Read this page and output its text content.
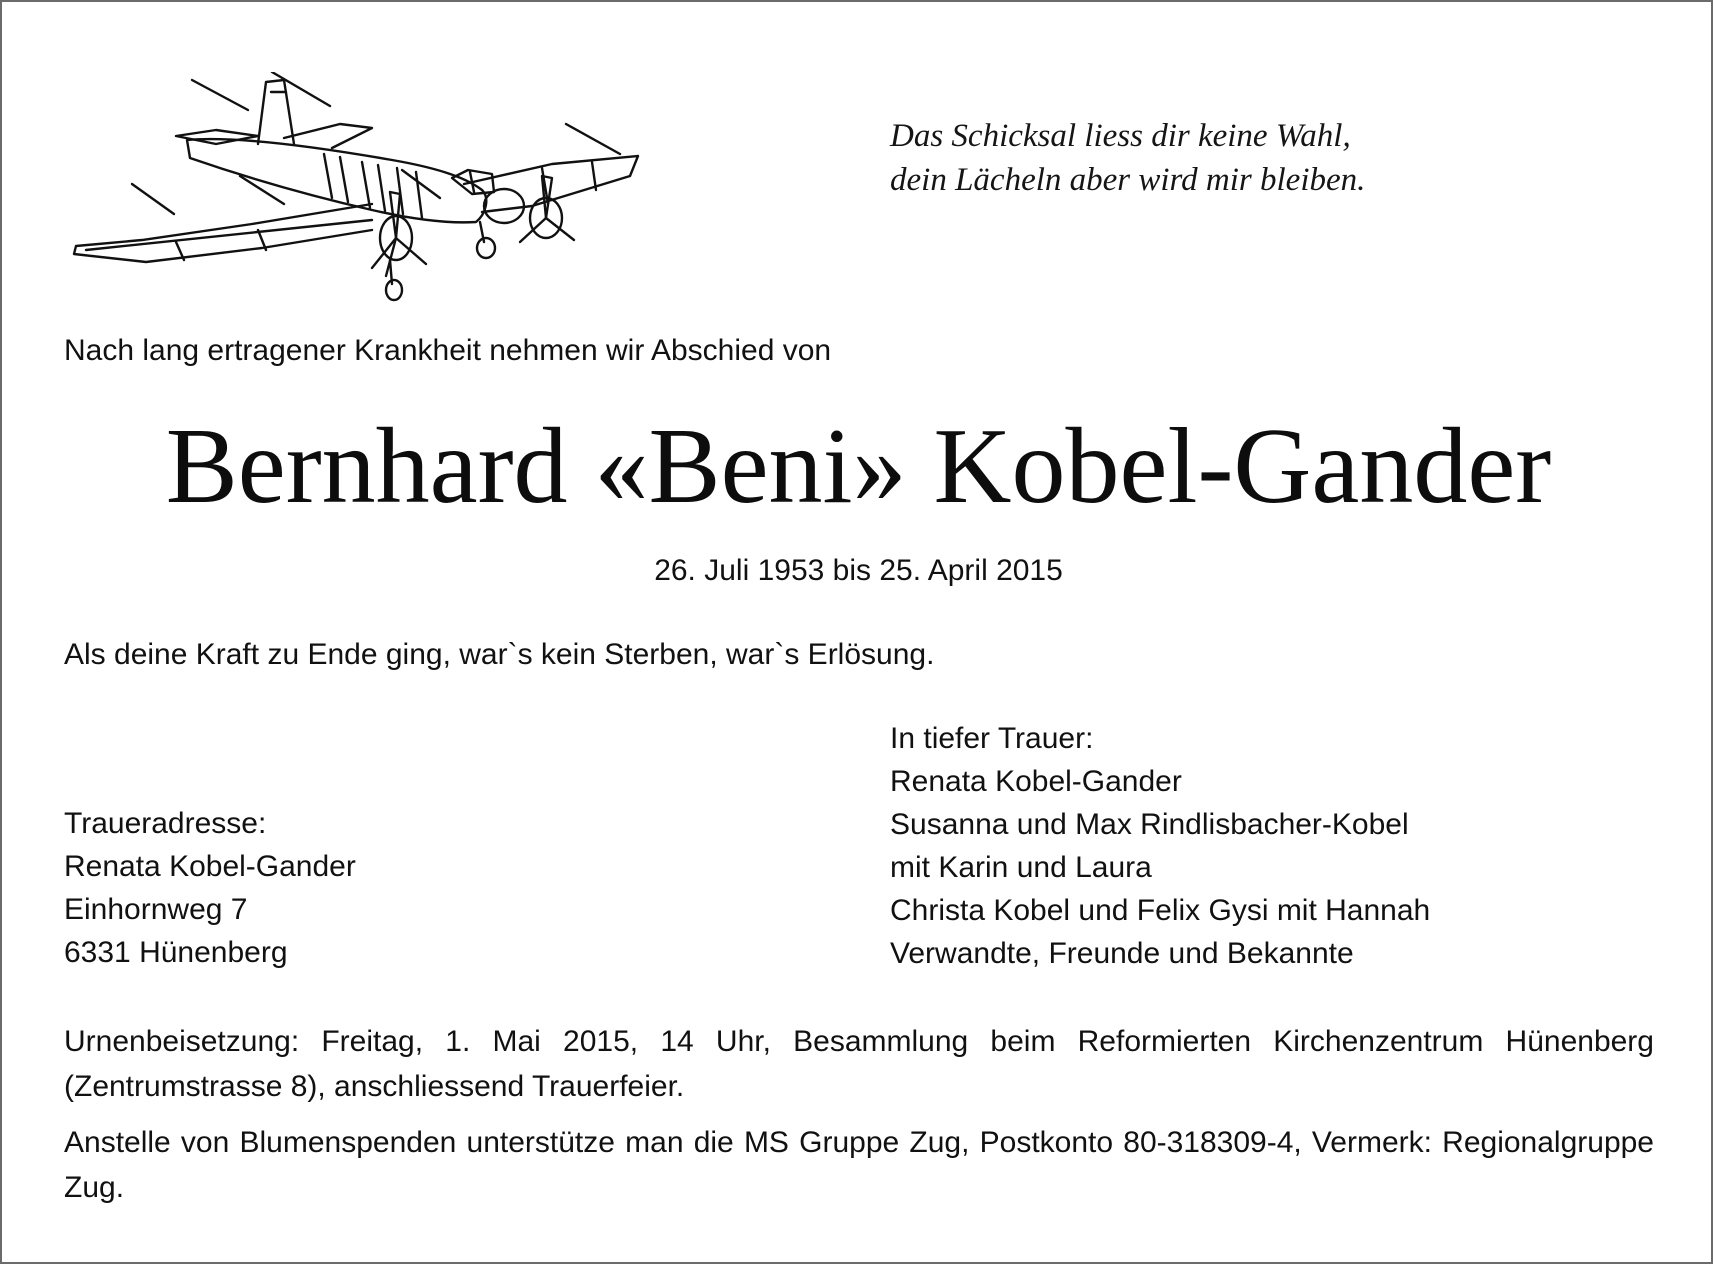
Das Schicksal liess dir keine Wahl,
dein Lächeln aber wird mir bleiben.
Nach lang ertragener Krankheit nehmen wir Abschied von
Bernhard «Beni» Kobel-Gander
26. Juli 1953 bis 25. April 2015
Als deine Kraft zu Ende ging, war`s kein Sterben, war`s Erlösung.
Traueradresse:
Renata Kobel-Gander
Einhornweg 7
6331 Hünenberg
In tiefer Trauer:
Renata Kobel-Gander
Susanna und Max Rindlisbacher-Kobel
mit Karin und Laura
Christa Kobel und Felix Gysi mit Hannah
Verwandte, Freunde und Bekannte
Urnenbeisetzung: Freitag, 1. Mai 2015, 14 Uhr, Besammlung beim Reformierten Kirchenzentrum Hünenberg (Zentrumstrasse 8), anschliessend Trauerfeier.
Anstelle von Blumenspenden unterstütze man die MS Gruppe Zug, Postkonto 80-318309-4, Vermerk: Regionalgruppe Zug.
